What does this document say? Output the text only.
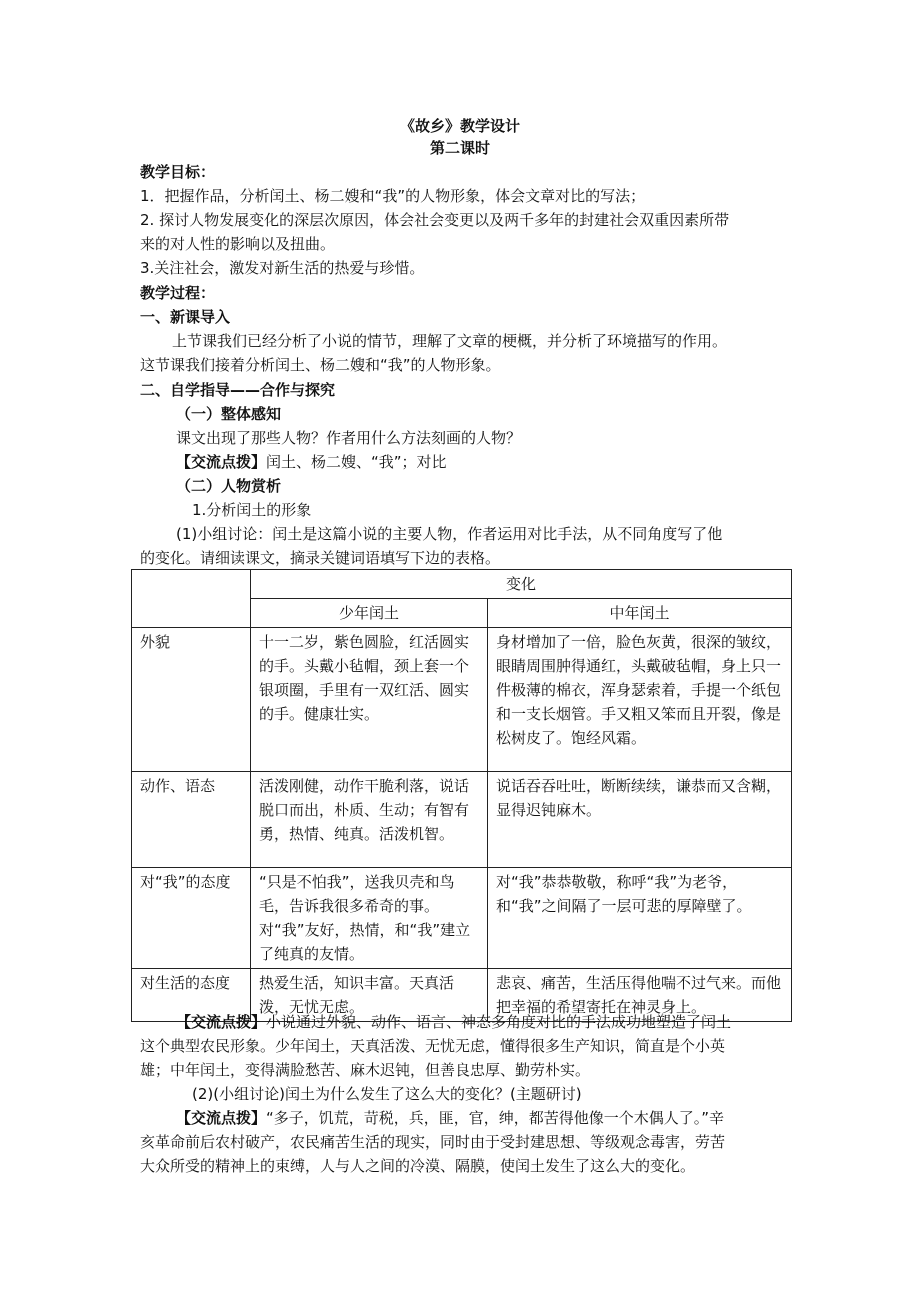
《故乡》教学设计
第二课时
教学目标：
1．把握作品，分析闰土、杨二嫂和“我”的人物形象，体会文章对比的写法；
2. 探讨人物发展变化的深层次原因，体会社会变更以及两千多年的封建社会双重因素所带
来的对人性的影响以及扭曲。
3.关注社会，激发对新生活的热爱与珍惜。
教学过程：
一、新课导入
上节课我们已经分析了小说的情节，理解了文章的梗概，并分析了环境描写的作用。
这节课我们接着分析闰土、杨二嫂和“我”的人物形象。
二、自学指导——合作与探究
（一）整体感知
课文出现了那些人物？作者用什么方法刻画的人物？
【交流点拨】闰土、杨二嫂、“我”；对比
（二）人物赏析
1.分析闰土的形象
(1)小组讨论：闰土是这篇小说的主要人物，作者运用对比手法，从不同角度写了他
的变化。请细读课文，摘录关键词语填写下边的表格。
	变化	
	少年闰土	中年闰土
外貌	十一二岁，紫色圆脸，红活圆实的手。头戴小毡帽，颈上套一个银项圈，手里有一双红活、圆实的手。健康壮实。	身材增加了一倍，脸色灰黄，很深的皱纹，眼睛周围肿得通红，头戴破毡帽，身上只一件极薄的棉衣，浑身瑟索着，手提一个纸包和一支长烟管。手又粗又笨而且开裂，像是松树皮了。饱经风霜。
动作、语态	活泼刚健，动作干脆利落，说话脱口而出，朴质、生动；有智有勇，热情、纯真。活泼机智。	说话吞吞吐吐，断断续续，谦恭而又含糊，显得迟钝麻木。
对“我”的态度	“只是不怕我”，送我贝壳和鸟毛，告诉我很多希奇的事。对“我”友好，热情，和“我”建立了纯真的友情。	对“我”恭恭敬敬，称呼“我”为老爷，和“我”之间隔了一层可悲的厚障壁了。
对生活的态度	热爱生活，知识丰富。天真活泼，无忧无虑。	悲哀、痛苦，生活压得他喘不过气来。而他把幸福的希望寄托在神灵身上。
【交流点拨】小说通过外貌、动作、语言、神态多角度对比的手法成功地塑造了闰土
这个典型农民形象。少年闰土，天真活泼、无忧无虑，懂得很多生产知识，简直是个小英
雄；中年闰土，变得满脸愁苦、麻木迟钝，但善良忠厚、勤劳朴实。
(2)(小组讨论)闰土为什么发生了这么大的变化？(主题研讨)
【交流点拨】“多子，饥荒，苛税，兵，匪，官，绅，都苦得他像一个木偶人了。”辛
亥革命前后农村破产，农民痛苦生活的现实，同时由于受封建思想、等级观念毒害，劳苦
大众所受的精神上的束缚，人与人之间的冷漠、隔膜，使闰土发生了这么大的变化。
